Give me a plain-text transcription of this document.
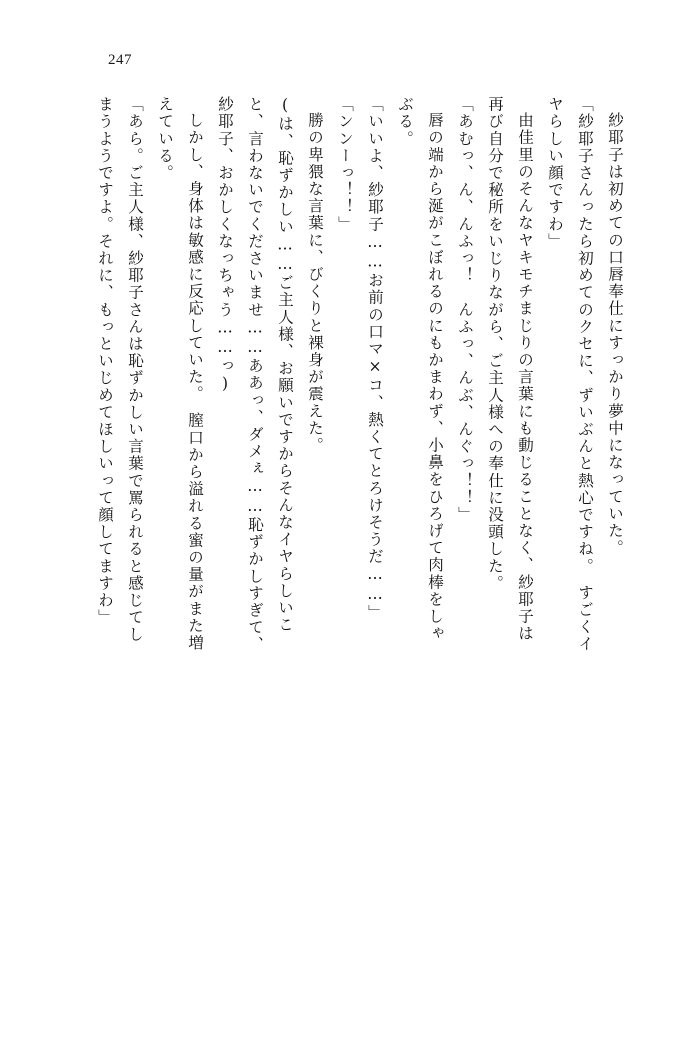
247

紗耶子は初めての口唇奉仕にすっかり夢中になっていた。

「紗耶子さんったら初めてのクセに、ずいぶんと熱心ですね。　すごくイヤらしい顔ですわ」

由佳里のそんなヤキモチまじりの言葉にも動じることなく、紗耶子は再び自分で秘所をいじりながら、ご主人様への奉仕に没頭した。

「あむっ、ん、んふっ！　んふっ、んぶ、んぐっ！！」

唇の端から涎がこぼれるのにもかまわず、小鼻をひろげて肉棒をしゃぶる。

「いいよ、紗耶子……お前の口マ×コ、熱くてとろけそうだ……」

「ンンーっ！！」

勝の卑猥な言葉に、びくりと裸身が震えた。

(は、恥ずかしい……ご主人様、お願いですからそんなイヤらしいこと、言わないでくださいませ……ああっ、ダメぇ……恥ずかしすぎて、紗耶子、おかしくなっちゃう……っ)

しかし、身体は敏感に反応していた。　膣口から溢れる蜜の量がまた増えている。

「あら。ご主人様、紗耶子さんは恥ずかしい言葉で罵られると感じてしまうようですよ。それに、もっといじめてほしいって顔してますわ」
